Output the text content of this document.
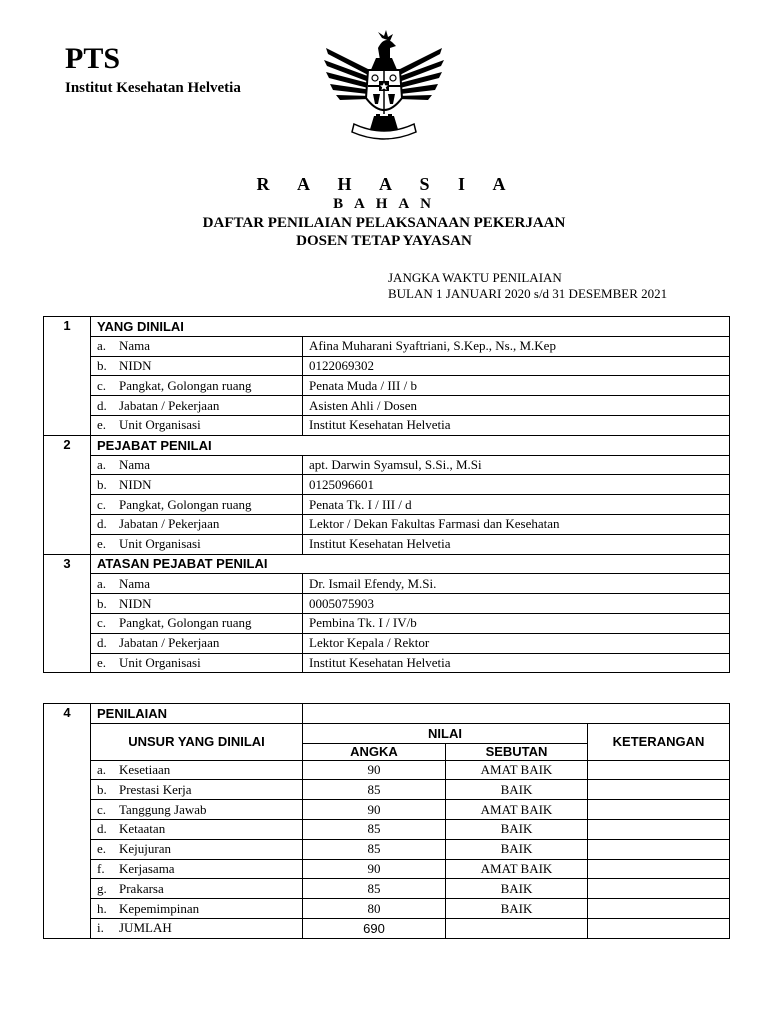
PTS
Institut Kesehatan Helvetia
R A H A S I A
B A H A N
DAFTAR PENILAIAN PELAKSANAAN PEKERJAAN
DOSEN TETAP YAYASAN
JANGKA WAKTU PENILAIAN
BULAN 1 JANUARI 2020 s/d 31 DESEMBER 2021
1	YANG DINILAI	
	a. Nama	Afina Muharani Syaftriani, S.Kep., Ns., M.Kep
	b. NIDN	0122069302
	c. Pangkat, Golongan ruang	Penata Muda / III / b
	d. Jabatan / Pekerjaan	Asisten Ahli / Dosen
	e. Unit Organisasi	Institut Kesehatan Helvetia
2	PEJABAT PENILAI	
	a. Nama	apt. Darwin Syamsul, S.Si., M.Si
	b. NIDN	0125096601
	c. Pangkat, Golongan ruang	Penata Tk. I / III / d
	d. Jabatan / Pekerjaan	Lektor / Dekan Fakultas Farmasi dan Kesehatan
	e. Unit Organisasi	Institut Kesehatan Helvetia
3	ATASAN PEJABAT PENILAI	
	a. Nama	Dr. Ismail Efendy, M.Si.
	b. NIDN	0005075903
	c. Pangkat, Golongan ruang	Pembina Tk. I / IV/b
	d. Jabatan / Pekerjaan	Lektor Kepala / Rektor
	e. Unit Organisasi	Institut Kesehatan Helvetia
4	PENILAIAN			
	UNSUR YANG DINILAI	NILAI		KETERANGAN
		ANGKA	SEBUTAN	
	a. Kesetiaan	90	AMAT BAIK	
	b. Prestasi Kerja	85	BAIK	
	c. Tanggung Jawab	90	AMAT BAIK	
	d. Ketaatan	85	BAIK	
	e. Kejujuran	85	BAIK	
	f. Kerjasama	90	AMAT BAIK	
	g. Prakarsa	85	BAIK	
	h. Kepemimpinan	80	BAIK	
	i. JUMLAH	690		
